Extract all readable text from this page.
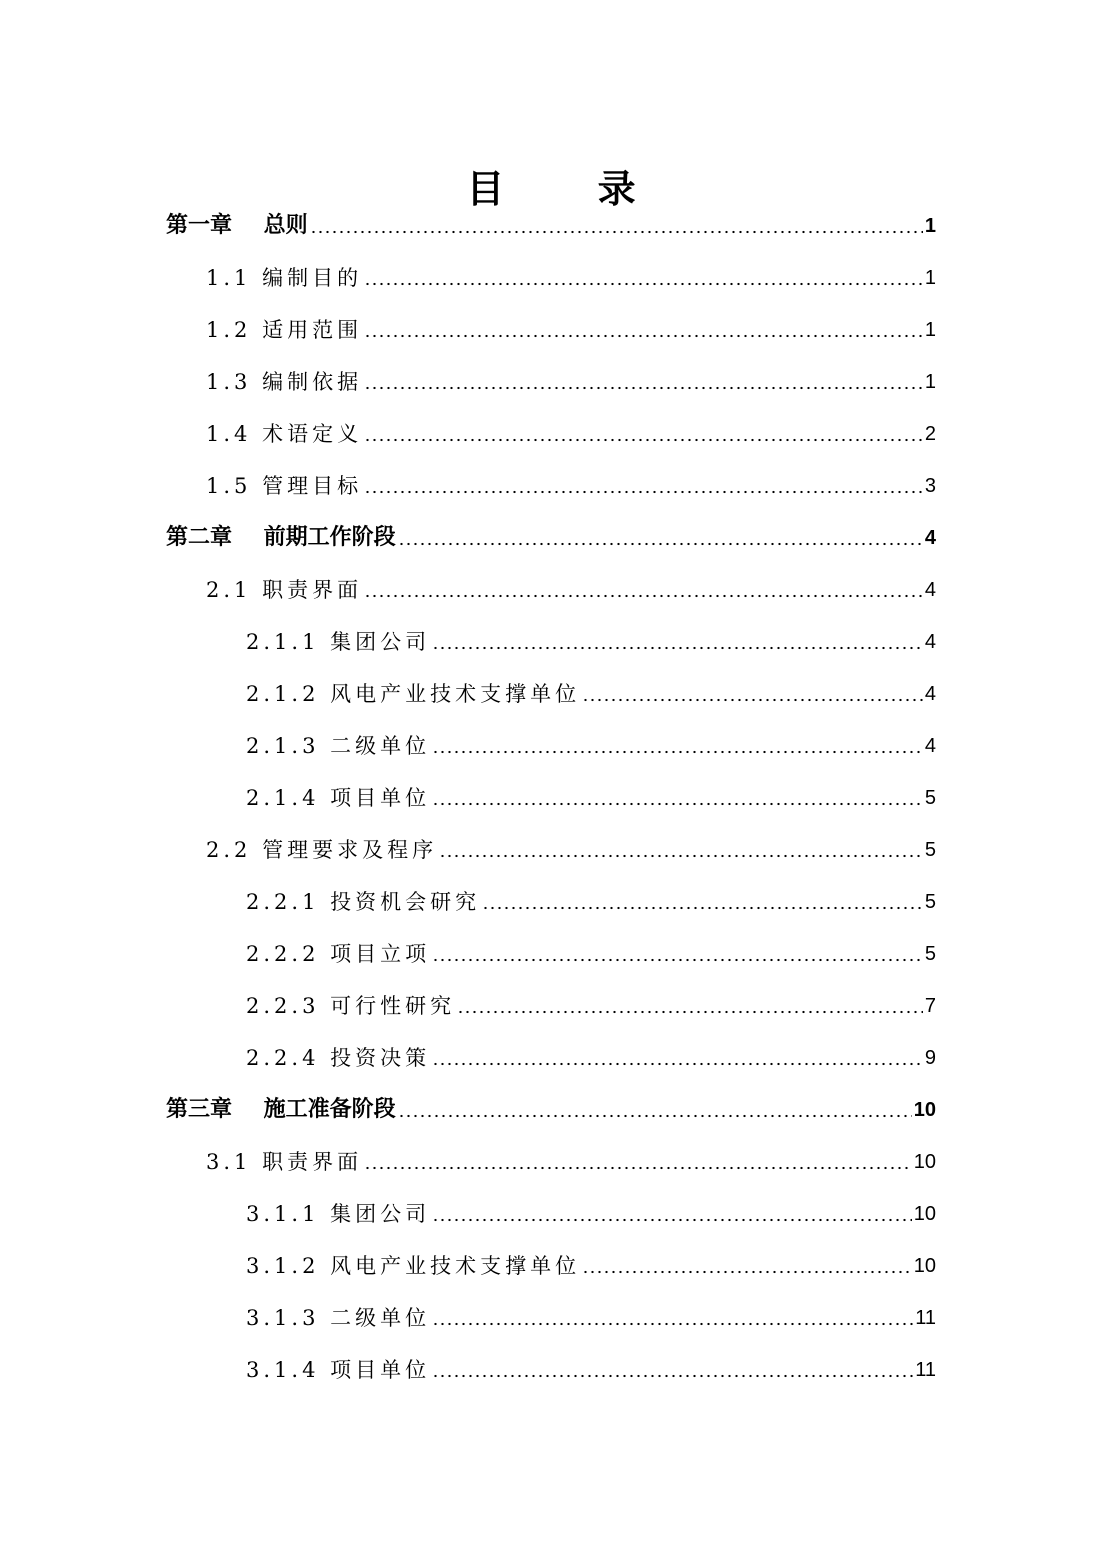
目 录
第一章 总则	1
1.1 编制目的	1
1.2 适用范围	1
1.3 编制依据	1
1.4 术语定义	2
1.5 管理目标	3
第二章 前期工作阶段	4
2.1 职责界面	4
2.1.1 集团公司	4
2.1.2 风电产业技术支撑单位	4
2.1.3 二级单位	4
2.1.4 项目单位	5
2.2 管理要求及程序	5
2.2.1 投资机会研究	5
2.2.2 项目立项	5
2.2.3 可行性研究	7
2.2.4 投资决策	9
第三章 施工准备阶段	10
3.1 职责界面	10
3.1.1 集团公司	10
3.1.2 风电产业技术支撑单位	10
3.1.3 二级单位	11
3.1.4 项目单位	11
